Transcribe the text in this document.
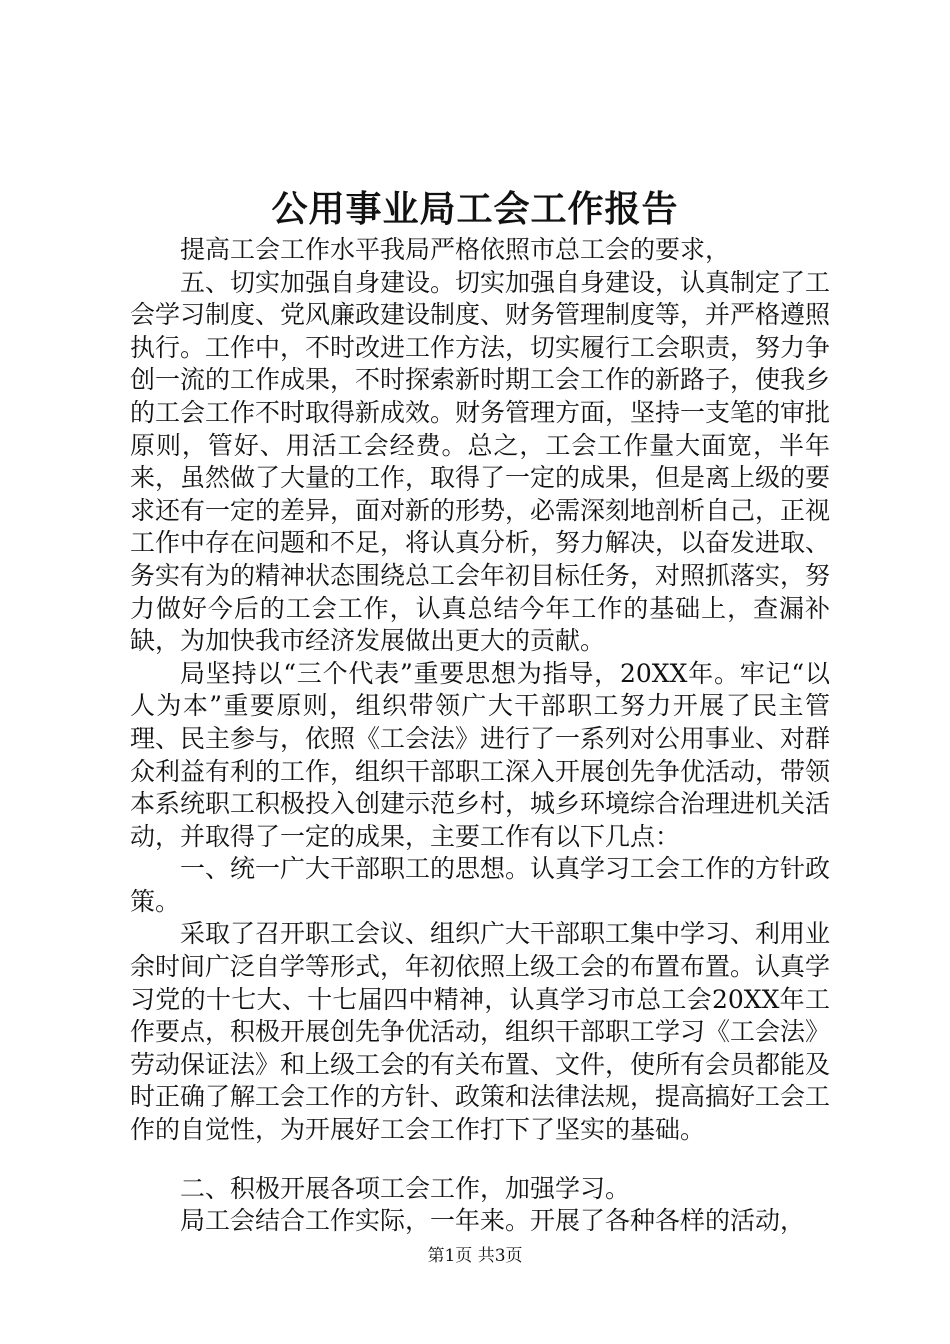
公用事业局工会工作报告

提高工会工作水平我局严格依照市总工会的要求，

五、切实加强自身建设。切实加强自身建设，认真制定了工会学习制度、党风廉政建设制度、财务管理制度等，并严格遵照执行。工作中，不时改进工作方法，切实履行工会职责，努力争创一流的工作成果，不时探索新时期工会工作的新路子，使我乡的工会工作不时取得新成效。财务管理方面，坚持一支笔的审批原则，管好、用活工会经费。总之，工会工作量大面宽，半年来，虽然做了大量的工作，取得了一定的成果，但是离上级的要求还有一定的差异，面对新的形势，必需深刻地剖析自己，正视工作中存在问题和不足，将认真分析，努力解决，以奋发进取、务实有为的精神状态围绕总工会年初目标任务，对照抓落实，努力做好今后的工会工作，认真总结今年工作的基础上，查漏补缺，为加快我市经济发展做出更大的贡献。

局坚持以“三个代表”重要思想为指导，20XX年。牢记“以人为本”重要原则，组织带领广大干部职工努力开展了民主管理、民主参与，依照《工会法》进行了一系列对公用事业、对群众利益有利的工作，组织干部职工深入开展创先争优活动，带领本系统职工积极投入创建示范乡村，城乡环境综合治理进机关活动，并取得了一定的成果，主要工作有以下几点：

一、统一广大干部职工的思想。认真学习工会工作的方针政策。

采取了召开职工会议、组织广大干部职工集中学习、利用业余时间广泛自学等形式，年初依照上级工会的布置布置。认真学习党的十七大、十七届四中精神，认真学习市总工会20XX年工作要点，积极开展创先争优活动，组织干部职工学习《工会法》劳动保证法》和上级工会的有关布置、文件，使所有会员都能及时正确了解工会工作的方针、政策和法律法规，提高搞好工会工作的自觉性，为开展好工会工作打下了坚实的基础。

二、积极开展各项工会工作，加强学习。

局工会结合工作实际，一年来。开展了各种各样的活动，

第1页 共3页
